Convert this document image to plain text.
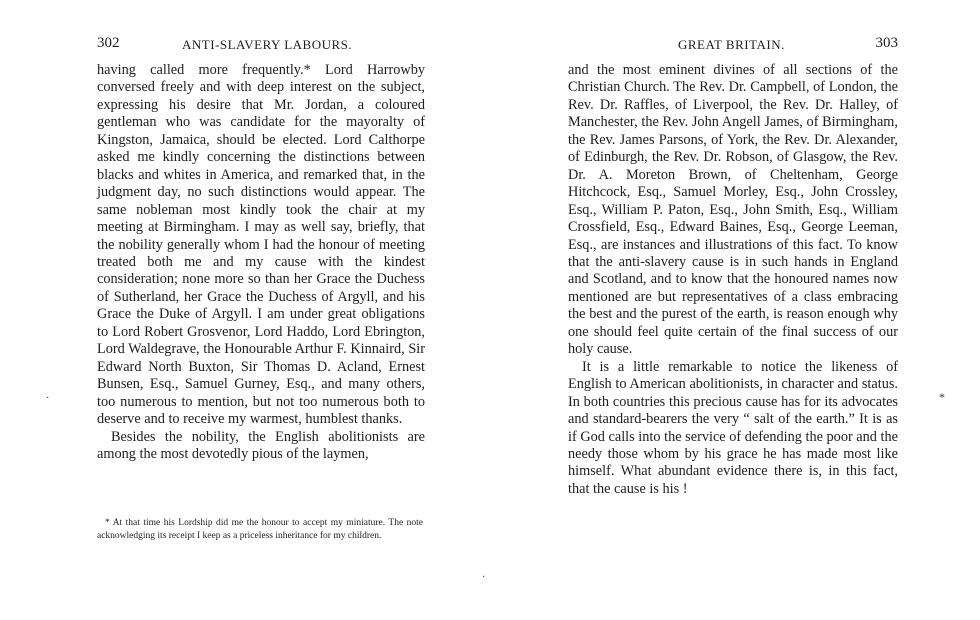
302	ANTI-SLAVERY LABOURS.

having called more frequently.* Lord Harrowby conversed freely and with deep interest on the subject, expressing his desire that Mr. Jordan, a coloured gentleman who was candidate for the mayoralty of Kingston, Jamaica, should be elected. Lord Calthorpe asked me kindly concerning the distinctions between blacks and whites in America, and remarked that, in the judgment day, no such distinctions would appear. The same nobleman most kindly took the chair at my meeting at Birmingham. I may as well say, briefly, that the nobility generally whom I had the honour of meeting treated both me and my cause with the kindest consideration; none more so than her Grace the Duchess of Sutherland, her Grace the Duchess of Argyll, and his Grace the Duke of Argyll. I am under great obligations to Lord Robert Grosvenor, Lord Haddo, Lord Ebrington, Lord Waldegrave, the Honourable Arthur F. Kinnaird, Sir Edward North Buxton, Sir Thomas D. Acland, Ernest Bunsen, Esq., Samuel Gurney, Esq., and many others, too numerous to mention, but not too numerous both to deserve and to receive my warmest, humblest thanks.

Besides the nobility, the English abolitionists are among the most devotedly pious of the laymen,

* At that time his Lordship did me the honour to accept my miniature. The note acknowledging its receipt I keep as a priceless inheritance for my children.

·
GREAT BRITAIN.	303

and the most eminent divines of all sections of the Christian Church. The Rev. Dr. Campbell, of London, the Rev. Dr. Raffles, of Liverpool, the Rev. Dr. Halley, of Manchester, the Rev. John Angell James, of Birmingham, the Rev. James Parsons, of York, the Rev. Dr. Alexander, of Edinburgh, the Rev. Dr. Robson, of Glasgow, the Rev. Dr. A. Moreton Brown, of Cheltenham, George Hitchcock, Esq., Samuel Morley, Esq., John Crossley, Esq., William P. Paton, Esq., John Smith, Esq., William Crossfield, Esq., Edward Baines, Esq., George Leeman, Esq., are instances and illustrations of this fact. To know that the anti-slavery cause is in such hands in England and Scotland, and to know that the honoured names now mentioned are but representatives of a class embracing the best and the purest of the earth, is reason enough why one should feel quite certain of the final success of our holy cause.

It is a little remarkable to notice the likeness of English to American abolitionists, in character and status. In both countries this precious cause has for its advocates and standard-bearers the very “ salt of the earth.” It is as if God calls into the service of defending the poor and the needy those whom by his grace he has made most like himself. What abundant evidence there is, in this fact, that the cause is his !

*
·
